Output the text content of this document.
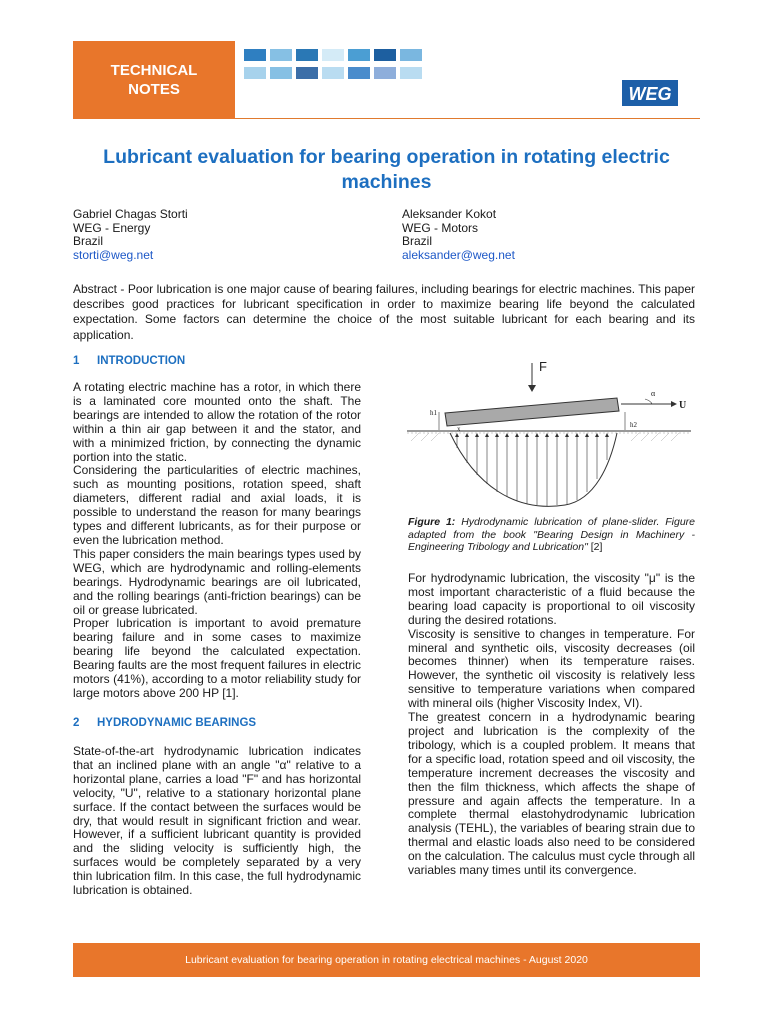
TECHNICAL
NOTES	WEG
Lubricant evaluation for bearing operation in rotating electric machines
Gabriel Chagas Storti
WEG - Energy
Brazil
storti@weg.net
Aleksander Kokot
WEG - Motors
Brazil
aleksander@weg.net
Abstract - Poor lubrication is one major cause of bearing failures, including bearings for electric machines. This paper describes good practices for lubricant specification in order to maximize bearing life beyond the calculated expectation. Some factors can determine the choice of the most suitable lubricant for each bearing and its application.
1 INTRODUCTION

A rotating electric machine has a rotor, in which there is a laminated core mounted onto the shaft. The bearings are intended to allow the rotation of the rotor within a thin air gap between it and the stator, and with a minimized friction, by connecting the dynamic portion into the static.

Considering the particularities of electric machines, such as mounting positions, rotation speed, shaft diameters, different radial and axial loads, it is possible to understand the reason for many bearings types and different lubricants, as for their purpose or even the lubrication method.

This paper considers the main bearings types used by WEG, which are hydrodynamic and rolling-elements bearings. Hydrodynamic bearings are oil lubricated, and the rolling bearings (anti-friction bearings) can be oil or grease lubricated.

Proper lubrication is important to avoid premature bearing failure and in some cases to maximize bearing life beyond the calculated expectation. Bearing faults are the most frequent failures in electric motors (41%), according to a motor reliability study for large motors above 200 HP [1].

2 HYDRODYNAMIC BEARINGS

State-of-the-art hydrodynamic lubrication indicates that an inclined plane with an angle "α" relative to a horizontal plane, carries a load "F" and has horizontal velocity, "U", relative to a stationary horizontal plane surface. If the contact between the surfaces would be dry, that would result in significant friction and wear. However, if a sufficient lubricant quantity is provided and the sliding velocity is sufficiently high, the surfaces would be completely separated by a very thin lubrication film. In this case, the full hydrodynamic lubrication is obtained.

F
U
α
h1
h2
x
Figure 1: Hydrodynamic lubrication of plane-slider. Figure adapted from the book "Bearing Design in Machinery - Engineering Tribology and Lubrication" [2]

For hydrodynamic lubrication, the viscosity "μ" is the most important characteristic of a fluid because the bearing load capacity is proportional to oil viscosity during the desired rotations.

Viscosity is sensitive to changes in temperature. For mineral and synthetic oils, viscosity decreases (oil becomes thinner) when its temperature raises. However, the synthetic oil viscosity is relatively less sensitive to temperature variations when compared with mineral oils (higher Viscosity Index, VI).

The greatest concern in a hydrodynamic bearing project and lubrication is the complexity of the tribology, which is a coupled problem. It means that for a specific load, rotation speed and oil viscosity, the temperature increment decreases the viscosity and then the film thickness, which affects the shape of pressure and again affects the temperature. In a complete thermal elastohydrodynamic lubrication analysis (TEHL), the variables of bearing strain due to thermal and elastic loads also need to be considered on the calculation. The calculus must cycle through all variables many times until its convergence.

Lubricant evaluation for bearing operation in rotating electrical machines - August 2020
